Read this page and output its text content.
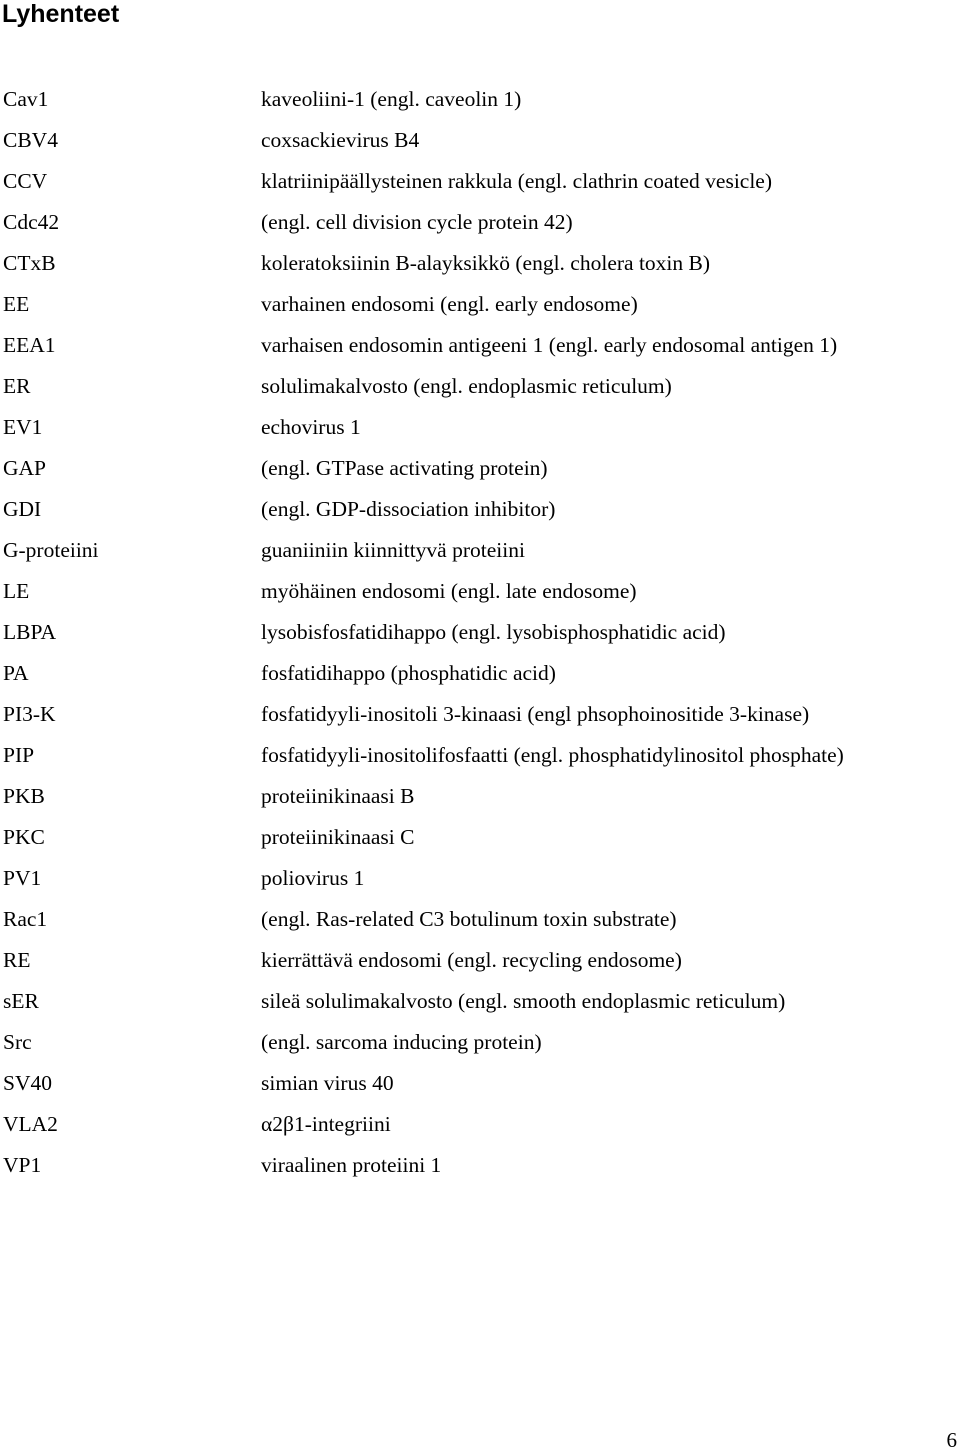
Lyhenteet
Cav1	kaveoliini-1 (engl. caveolin 1)
CBV4	coxsackievirus B4
CCV	klatriinipäällysteinen rakkula (engl. clathrin coated vesicle)
Cdc42	(engl. cell division cycle protein 42)
CTxB	koleratoksiinin B-alayksikkö (engl. cholera toxin B)
EE	varhainen endosomi (engl. early endosome)
EEA1	varhaisen endosomin antigeeni 1 (engl. early endosomal antigen 1)
ER	solulimakalvosto (engl. endoplasmic reticulum)
EV1	echovirus 1
GAP	(engl. GTPase activating protein)
GDI	(engl. GDP-dissociation inhibitor)
G-proteiini	guaniiniin kiinnittyvä proteiini
LE	myöhäinen endosomi (engl. late endosome)
LBPA	lysobisfosfatidihappo (engl. lysobisphosphatidic acid)
PA	fosfatidihappo (phosphatidic acid)
PI3-K	fosfatidyyli-inositoli 3-kinaasi (engl phsophoinositide 3-kinase)
PIP	fosfatidyyli-inositolifosfaatti (engl. phosphatidylinositol phosphate)
PKB	proteiinikinaasi B
PKC	proteiinikinaasi C
PV1	poliovirus 1
Rac1	(engl. Ras-related C3 botulinum toxin substrate)
RE	kierrättävä endosomi (engl. recycling endosome)
sER	sileä solulimakalvosto (engl. smooth endoplasmic reticulum)
Src	(engl. sarcoma inducing protein)
SV40	simian virus 40
VLA2	α2β1-integriini
VP1	viraalinen proteiini 1
6
